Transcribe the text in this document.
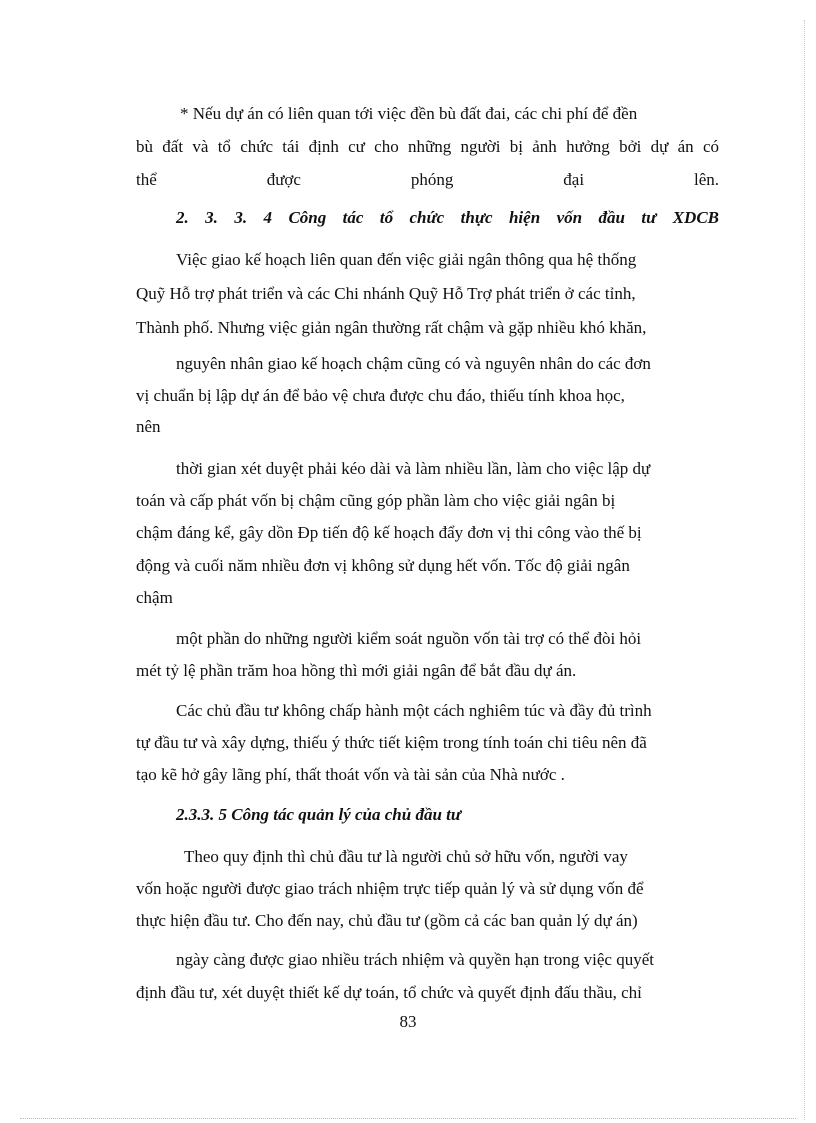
* Nếu dự án có liên quan tới việc đền bù đất đai, các chi phí để đền
bù đất và tổ chức tái định cư cho những người bị ảnh hưởng bởi dự án có
thể được phóng đại lên.
2. 3. 3. 4 Công tác tổ chức thực hiện vốn đầu tư XDCB
Việc giao kế hoạch liên quan đến việc giải ngân thông qua hệ thống
Quỹ Hỗ trợ phát triển và các Chi nhánh Quỹ Hỗ Trợ phát triển ở các tỉnh,
Thành phố. Nhưng việc giản ngân thường rất chậm và gặp nhiều khó khăn,
nguyên nhân giao kế hoạch chậm cũng có và nguyên nhân do các đơn
vị chuẩn bị lập dự án để bảo vệ chưa được chu đáo, thiếu tính khoa học,
nên
thời gian xét duyệt phải kéo dài và làm nhiều lần, làm cho việc lập dự
toán và cấp phát vốn bị chậm cũng góp phần làm cho việc giải ngân bị
chậm đáng kể, gây dồn Đp tiến độ kế hoạch đẩy đơn vị thi công vào thế bị
động và cuối năm nhiều đơn vị không sử dụng hết vốn. Tốc độ giải ngân
chậm
một phần do những người kiểm soát nguồn vốn tài trợ có thể đòi hỏi
mét tỷ lệ phần trăm hoa hồng thì mới giải ngân để bắt đầu dự án.
Các chủ đầu tư không chấp hành một cách nghiêm túc và đầy đủ trình
tự đầu tư và xây dựng, thiếu ý thức tiết kiệm trong tính toán chi tiêu nên đã
tạo kẽ hở gây lãng phí, thất thoát vốn và tài sản của Nhà nước .
2.3.3. 5 Công tác quản lý của chủ đầu tư
Theo quy định thì chủ đầu tư là người chủ sở hữu vốn, người vay
vốn hoặc người được giao trách nhiệm trực tiếp quản lý và sử dụng vốn để
thực hiện đầu tư. Cho đến nay, chủ đầu tư (gồm cả các ban quản lý dự án)
ngày càng được giao nhiều trách nhiệm và quyền hạn trong việc quyết
định đầu tư, xét duyệt thiết kế dự toán, tổ chức và quyết định đấu thầu, chỉ
83
